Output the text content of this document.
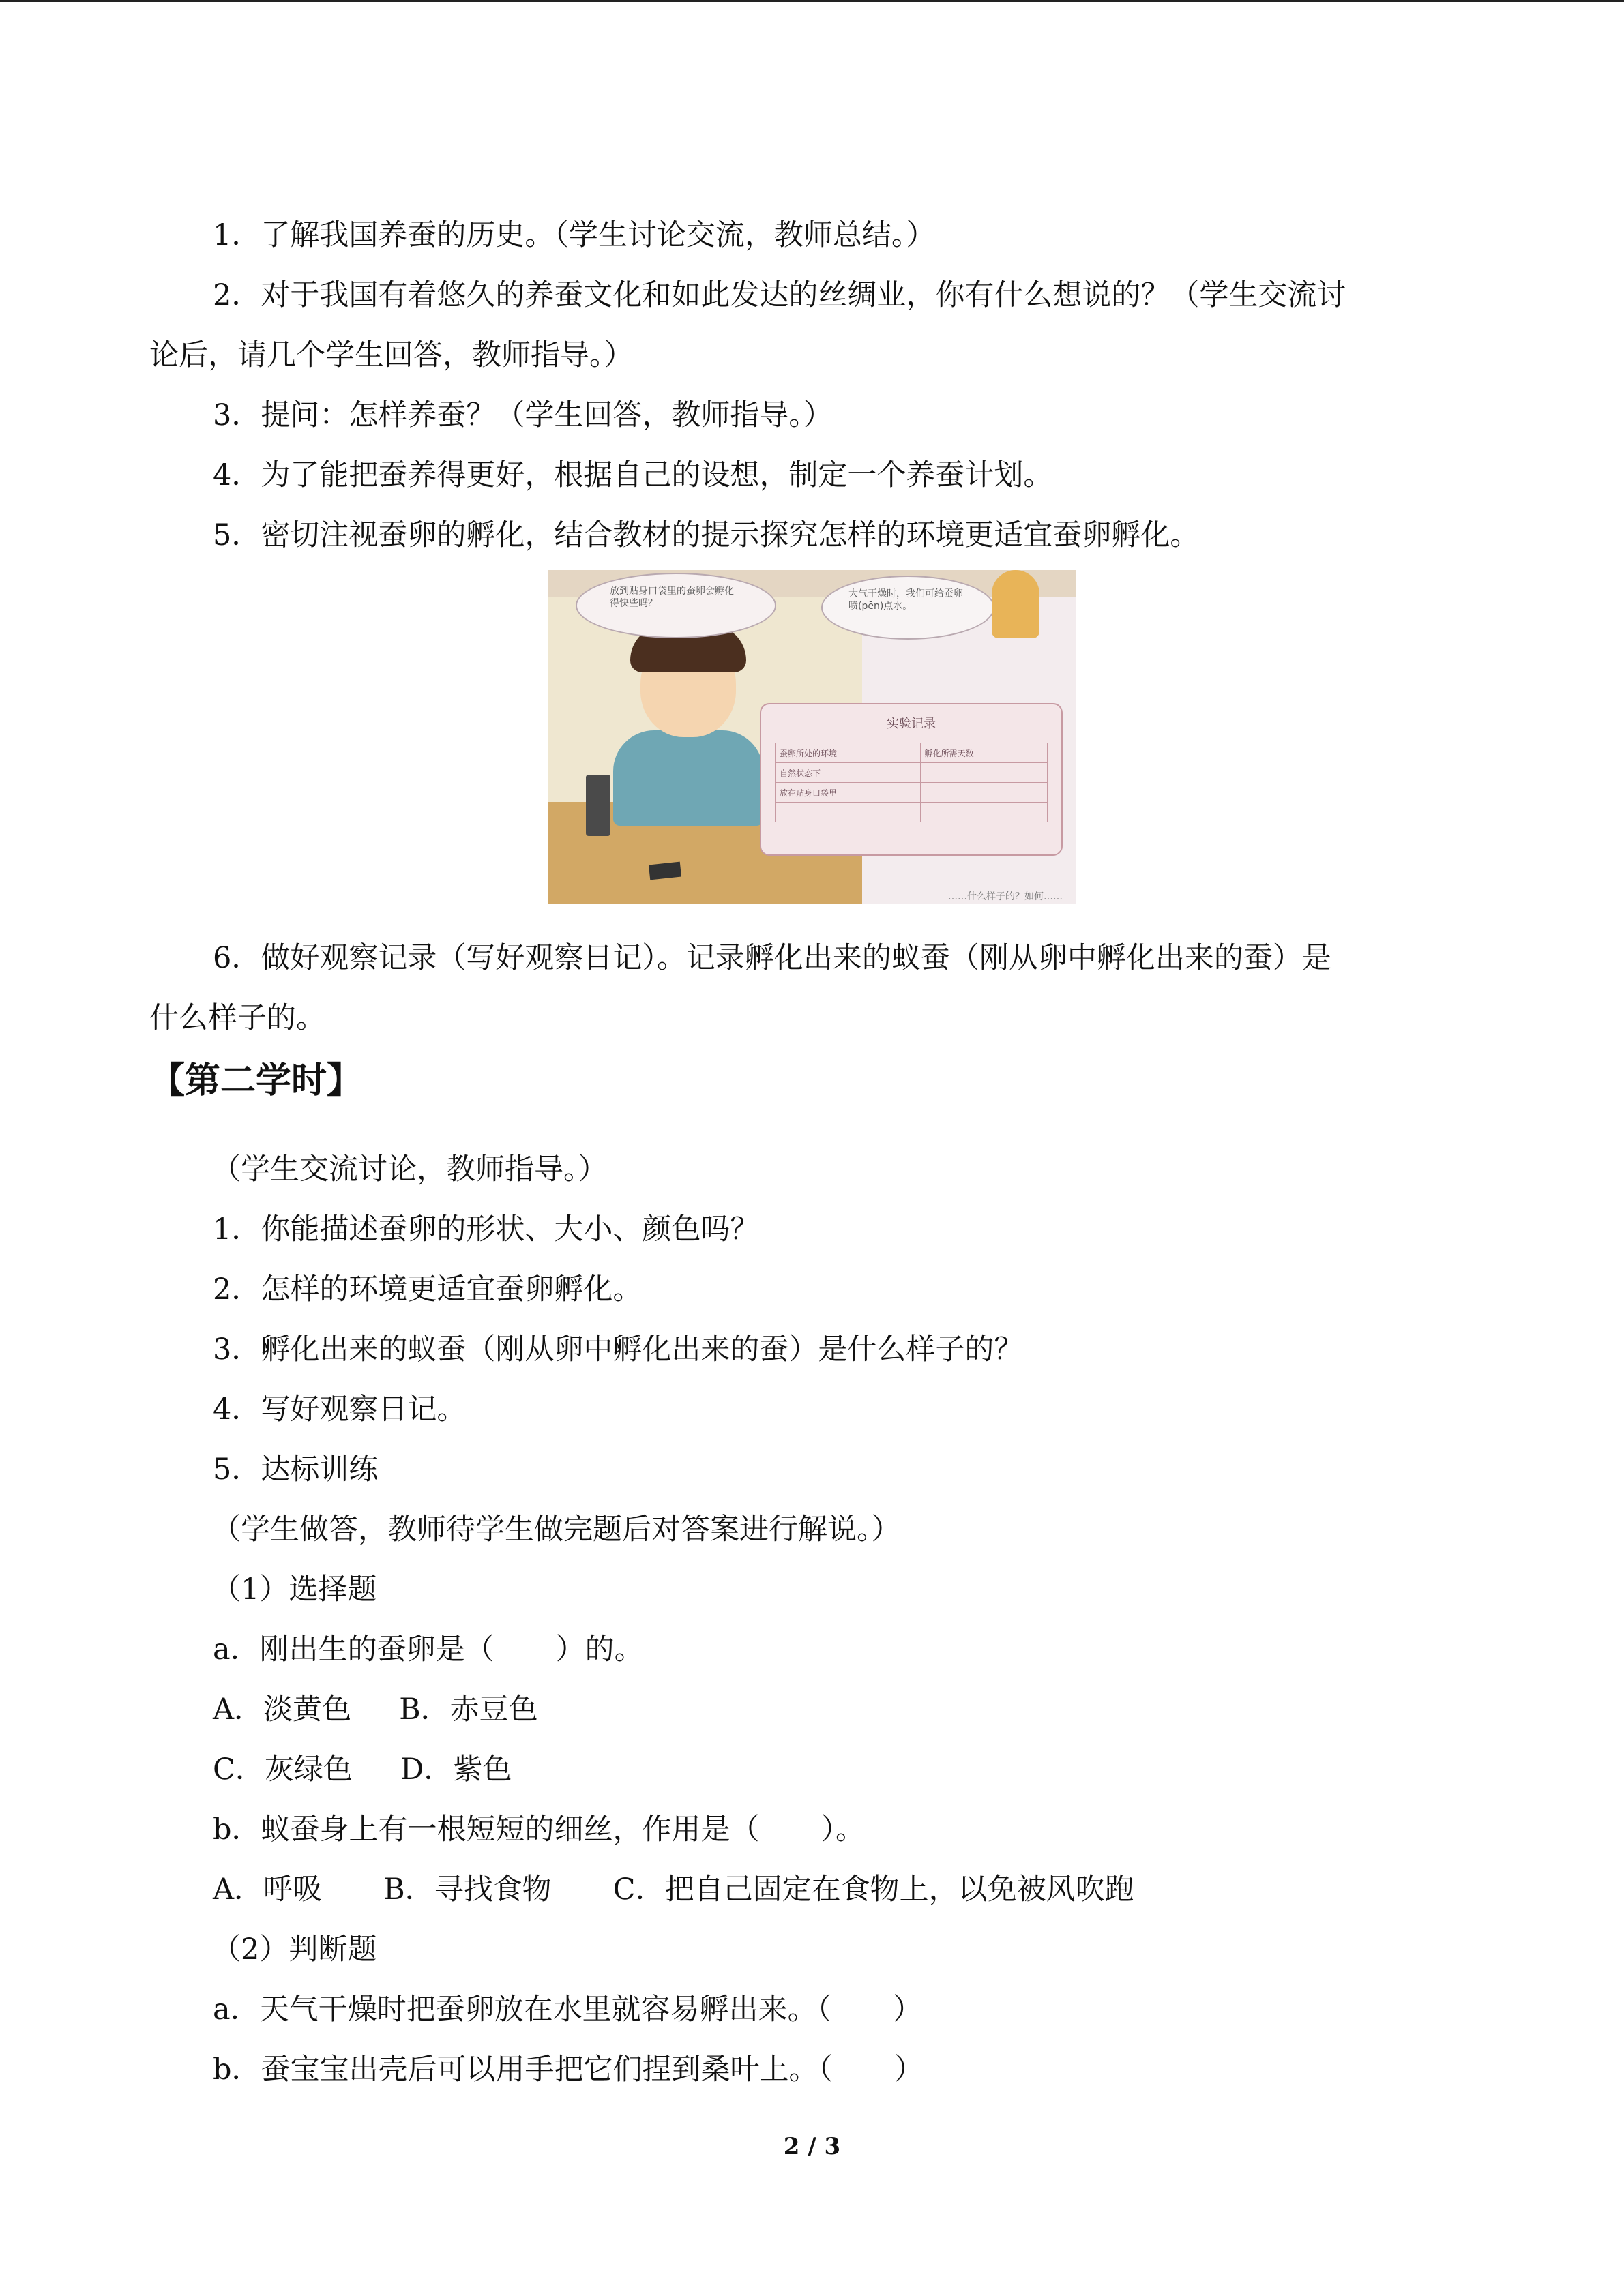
1．了解我国养蚕的历史。（学生讨论交流，教师总结。）
2．对于我国有着悠久的养蚕文化和如此发达的丝绸业，你有什么想说的？（学生交流讨
论后，请几个学生回答，教师指导。）
3．提问：怎样养蚕？（学生回答，教师指导。）
4．为了能把蚕养得更好，根据自己的设想，制定一个养蚕计划。
5．密切注视蚕卵的孵化，结合教材的提示探究怎样的环境更适宜蚕卵孵化。
放到贴身口袋里的蚕卵会孵化得快些吗？
大气干燥时，我们可给蚕卵喷(pēn)点水。
实验记录
蚕卵所处的环境	孵化所需天数
自然状态下	
放在贴身口袋里	

……什么样子的？如何……
6．做好观察记录（写好观察日记）。记录孵化出来的蚁蚕（刚从卵中孵化出来的蚕）是
什么样子的。
【第二学时】
（学生交流讨论，教师指导。）
1．你能描述蚕卵的形状、大小、颜色吗？
2．怎样的环境更适宜蚕卵孵化。
3．孵化出来的蚁蚕（刚从卵中孵化出来的蚕）是什么样子的？
4．写好观察日记。
5．达标训练
（学生做答，教师待学生做完题后对答案进行解说。）
（1）选择题
a．刚出生的蚕卵是（ ）的。
A．淡黄色 B．赤豆色
C．灰绿色 D．紫色
b．蚁蚕身上有一根短短的细丝，作用是（ ）。
A．呼吸 B．寻找食物 C．把自己固定在食物上，以免被风吹跑
（2）判断题
a．天气干燥时把蚕卵放在水里就容易孵出来。（ ）
b．蚕宝宝出壳后可以用手把它们捏到桑叶上。（ ）
2 / 3
